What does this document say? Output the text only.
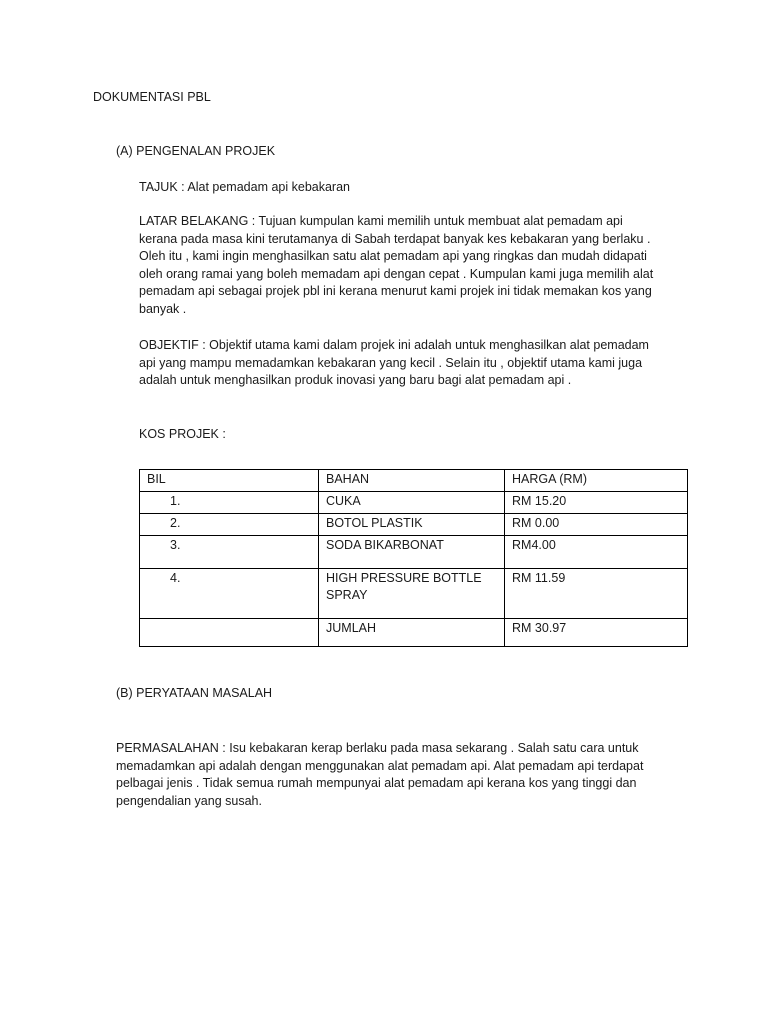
DOKUMENTASI PBL
(A) PENGENALAN PROJEK
TAJUK : Alat pemadam api kebakaran
LATAR BELAKANG : Tujuan kumpulan kami memilih untuk membuat alat pemadam api
kerana pada masa kini terutamanya di Sabah terdapat banyak kes kebakaran yang berlaku .
Oleh itu , kami ingin menghasilkan satu alat pemadam api yang ringkas dan mudah didapati
oleh orang ramai yang boleh memadam api dengan cepat . Kumpulan kami juga memilih alat
pemadam api sebagai projek pbl ini kerana menurut kami projek ini tidak memakan kos yang
banyak .
OBJEKTIF : Objektif utama kami dalam projek ini adalah untuk menghasilkan alat pemadam
api yang mampu memadamkan kebakaran yang kecil . Selain itu , objektif utama kami juga
adalah untuk menghasilkan produk inovasi yang baru bagi alat pemadam api .
KOS PROJEK :
BIL	BAHAN	HARGA (RM)
1.	CUKA	RM 15.20
2.	BOTOL PLASTIK	RM 0.00
3.	SODA BIKARBONAT	RM4.00
4.	HIGH PRESSURE BOTTLE
SPRAY	RM 11.59
	JUMLAH	RM 30.97
(B) PERYATAAN MASALAH
PERMASALAHAN : Isu kebakaran kerap berlaku pada masa sekarang . Salah satu cara untuk
memadamkan api adalah dengan menggunakan alat pemadam api. Alat pemadam api terdapat
pelbagai jenis . Tidak semua rumah mempunyai alat pemadam api kerana kos yang tinggi dan
pengendalian yang susah.
